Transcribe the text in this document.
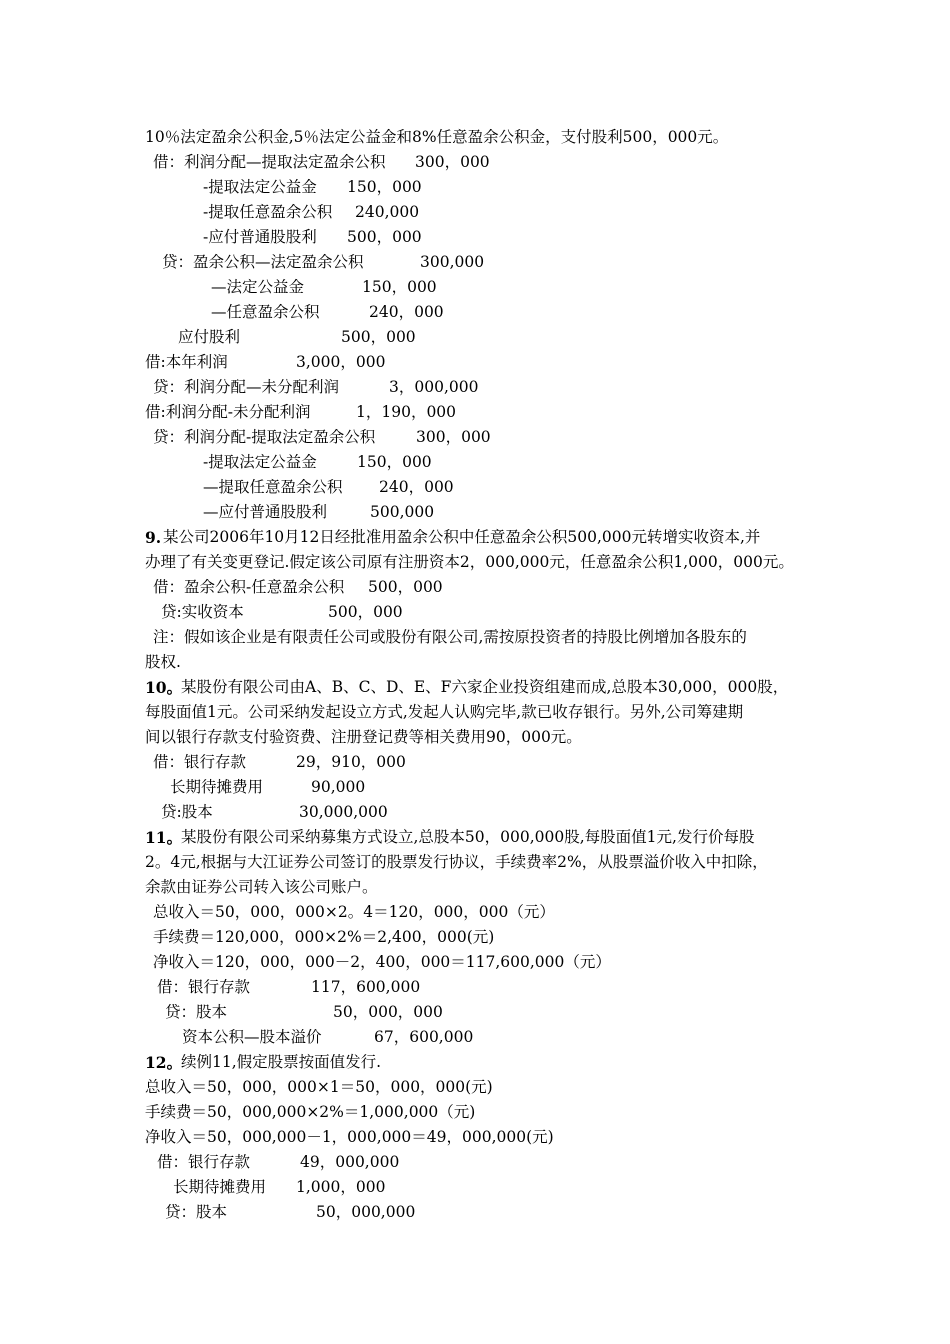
10％法定盈余公积金,5％法定公益金和8%任意盈余公积金，支付股利500，000元。
借：利润分配—提取法定盈余公积 300，000
-提取法定公益金 150，000
-提取任意盈余公积 240,000
-应付普通股股利 500，000
贷：盈余公积—法定盈余公积	300,000
—法定公益金	150，000
—任意盈余公积	240，000
应付股利	500，000
借:本年利润	3,000，000
贷：利润分配—未分配利润	3，000,000
借:利润分配-未分配利润	1，190，000
贷：利润分配-提取法定盈余公积	300，000
-提取法定公益金	150，000
—提取任意盈余公积 240，000
—应付普通股股利	500,000
9. 某公司2006年10月12日经批准用盈余公积中任意盈余公积500,000元转增实收资本,并
办理了有关变更登记.假定该公司原有注册资本2，000,000元，任意盈余公积1,000，000元。
借：盈余公积-任意盈余公积 500，000
贷:实收资本	500，000
注：假如该企业是有限责任公司或股份有限公司,需按原投资者的持股比例增加各股东的
股权.
10。
某股份有限公司由A、B、C、D、E、F六家企业投资组建而成,总股本30,000，000股，
每股面值1元。公司采纳发起设立方式,发起人认购完毕,款已收存银行。另外,公司筹建期
间以银行存款支付验资费、注册登记费等相关费用90，000元。
借：银行存款	29，910，000
长期待摊费用	90,000
贷:股本	30,000,000
11。
某股份有限公司采纳募集方式设立,总股本50，000,000股,每股面值1元,发行价每股
2。4元,根据与大江证券公司签订的股票发行协议，手续费率2%，从股票溢价收入中扣除，
余款由证券公司转入该公司账户。
总收入＝50，000，000×2。4＝120，000，000（元）
手续费＝120,000，000×2%＝2,400，000(元)
净收入＝120，000，000－2，400，000＝117,600,000（元）
借：银行存款	117，600,000
贷：股本	50，000，000
资本公积—股本溢价	67，600,000
12。
续例11,假定股票按面值发行.
总收入＝50，000，000×1＝50，000，000(元)
手续费＝50，000,000×2%＝1,000,000（元)
净收入＝50，000,000－1，000,000＝49，000,000(元)
借：银行存款	49，000,000
长期待摊费用 1,000，000
贷：股本	50，000,000
